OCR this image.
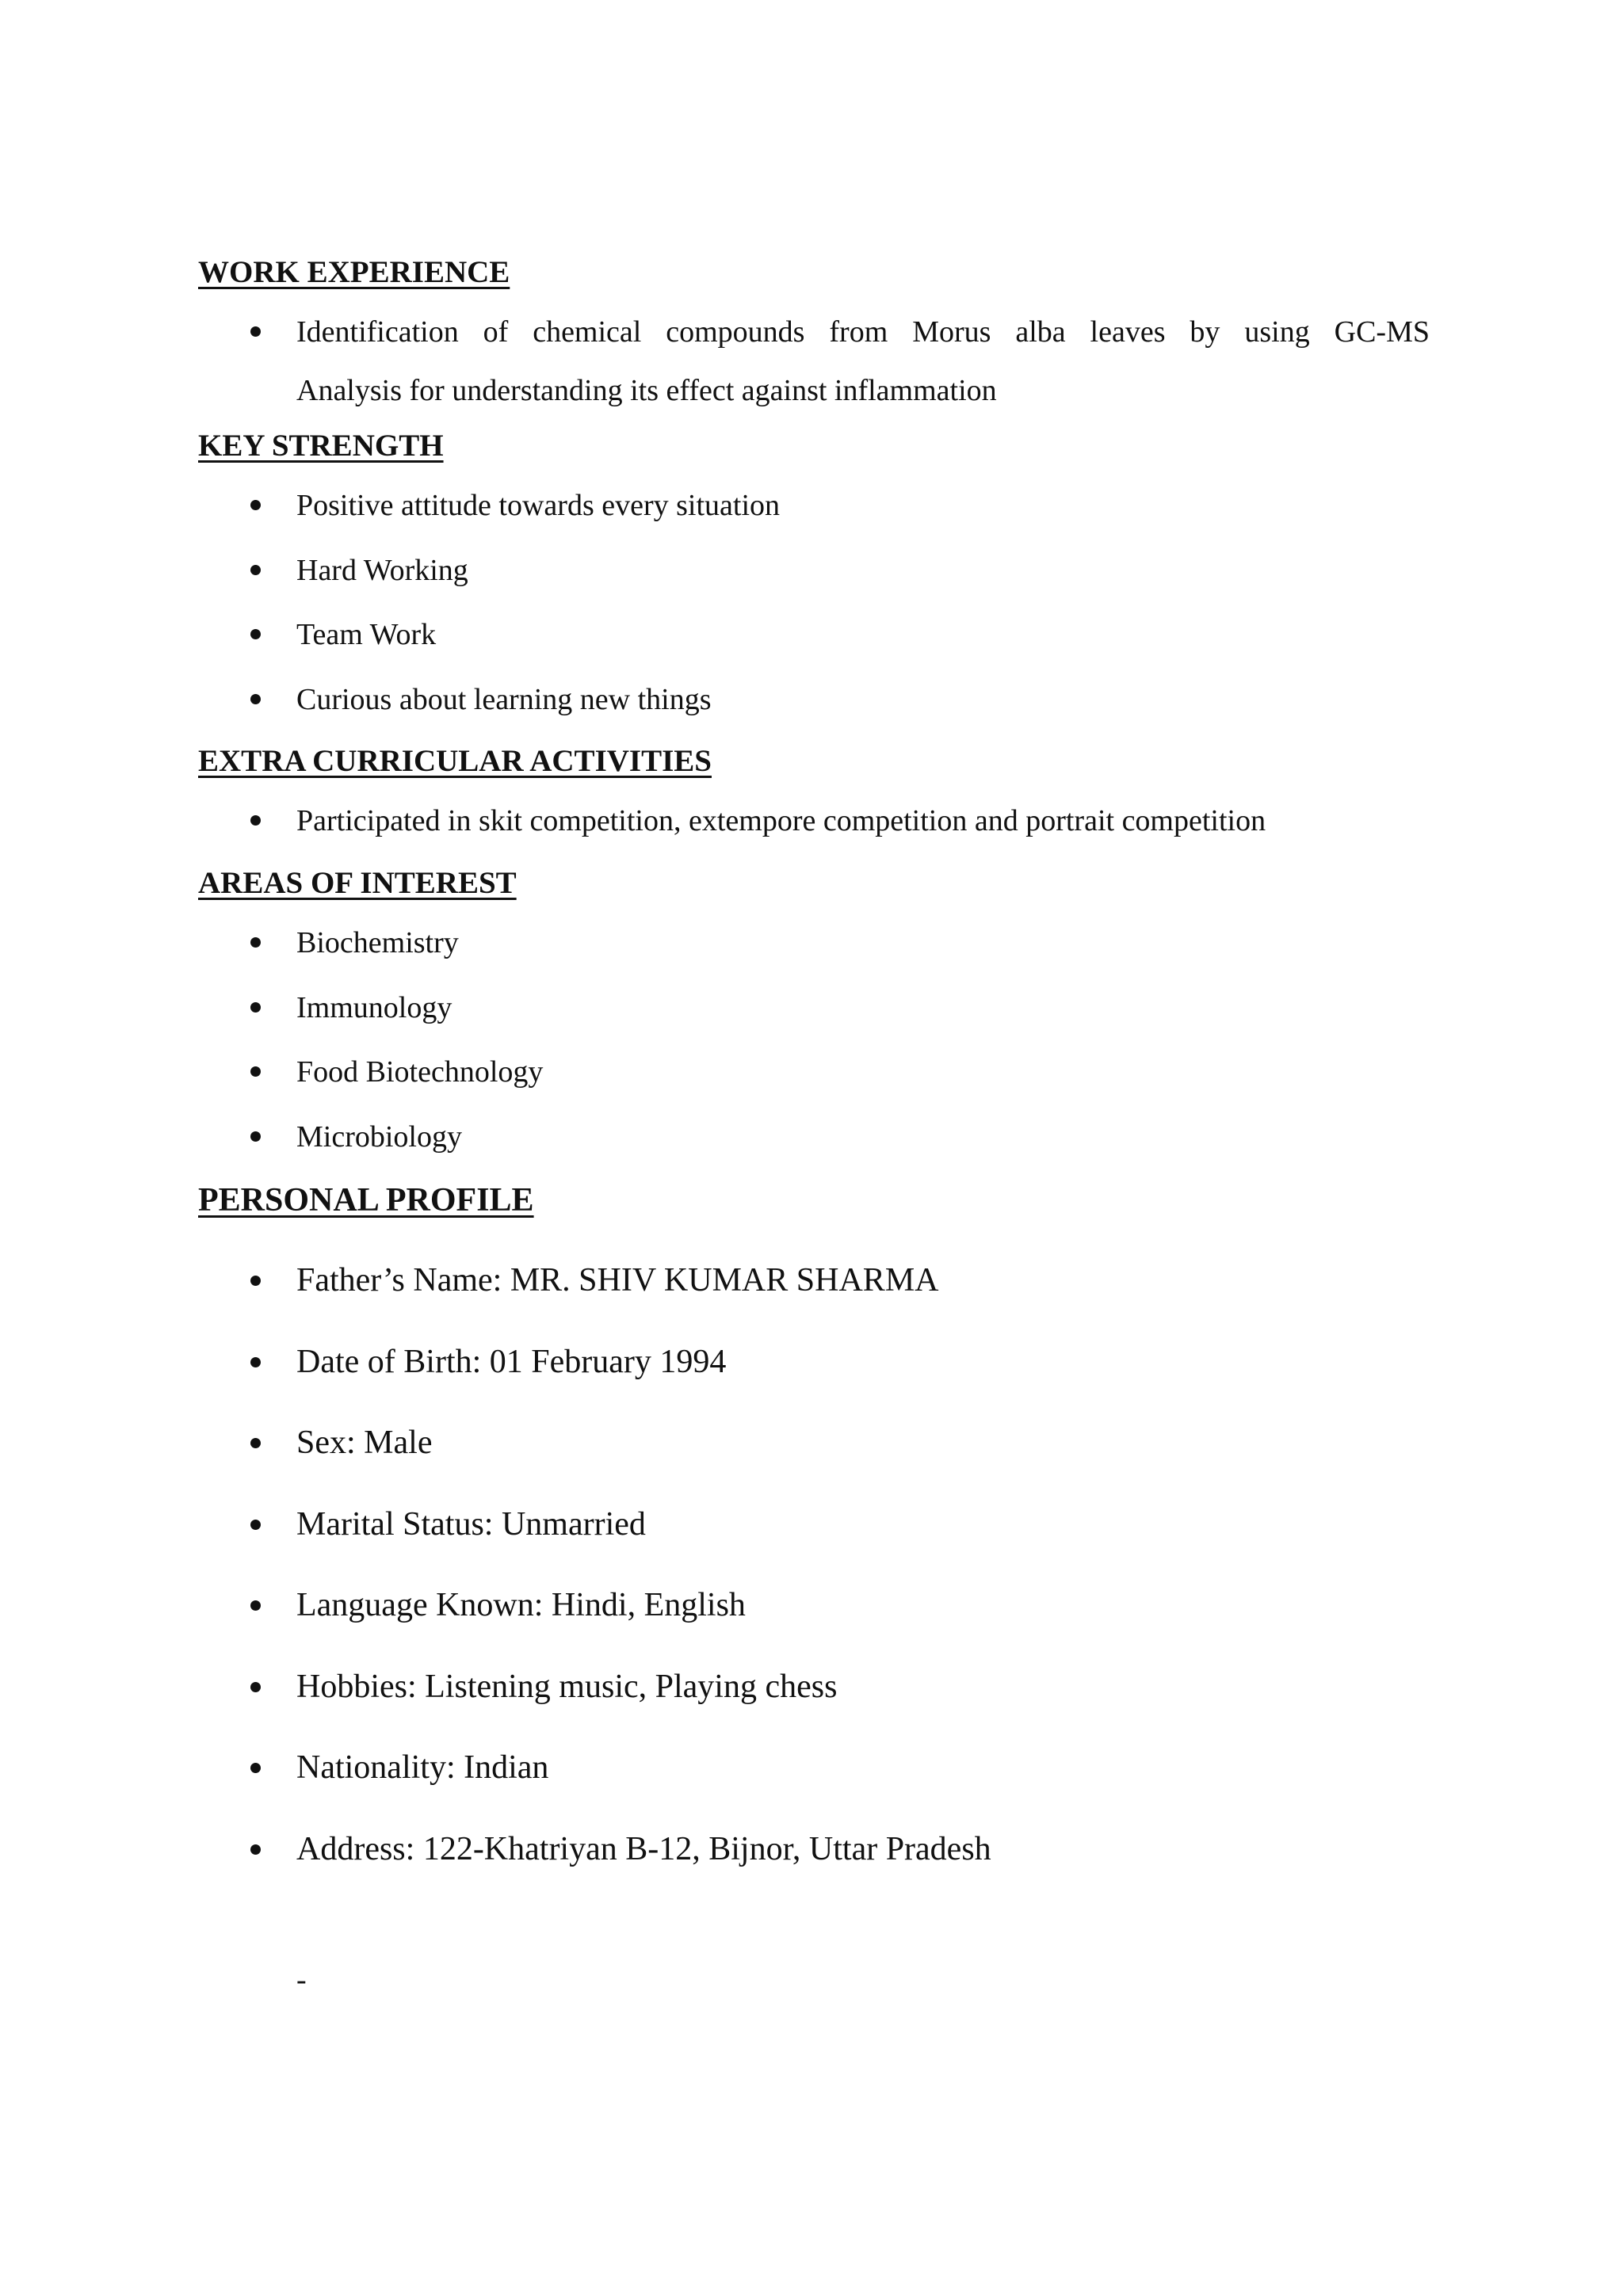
WORK EXPERIENCE
Identification of chemical compounds from Morus alba leaves by using GC-MS
Analysis for understanding its effect against inflammation
KEY STRENGTH
Positive attitude towards every situation
Hard Working
Team Work
Curious about learning new things
EXTRA CURRICULAR ACTIVITIES
Participated in skit competition, extempore competition and portrait competition
AREAS OF INTEREST
Biochemistry
Immunology
Food Biotechnology
Microbiology
PERSONAL PROFILE
Father’s Name: MR. SHIV KUMAR SHARMA
Date of Birth: 01 February 1994
Sex: Male
Marital Status: Unmarried
Language Known: Hindi, English
Hobbies: Listening music, Playing chess
Nationality: Indian
Address: 122-Khatriyan B-12, Bijnor, Uttar Pradesh
-
